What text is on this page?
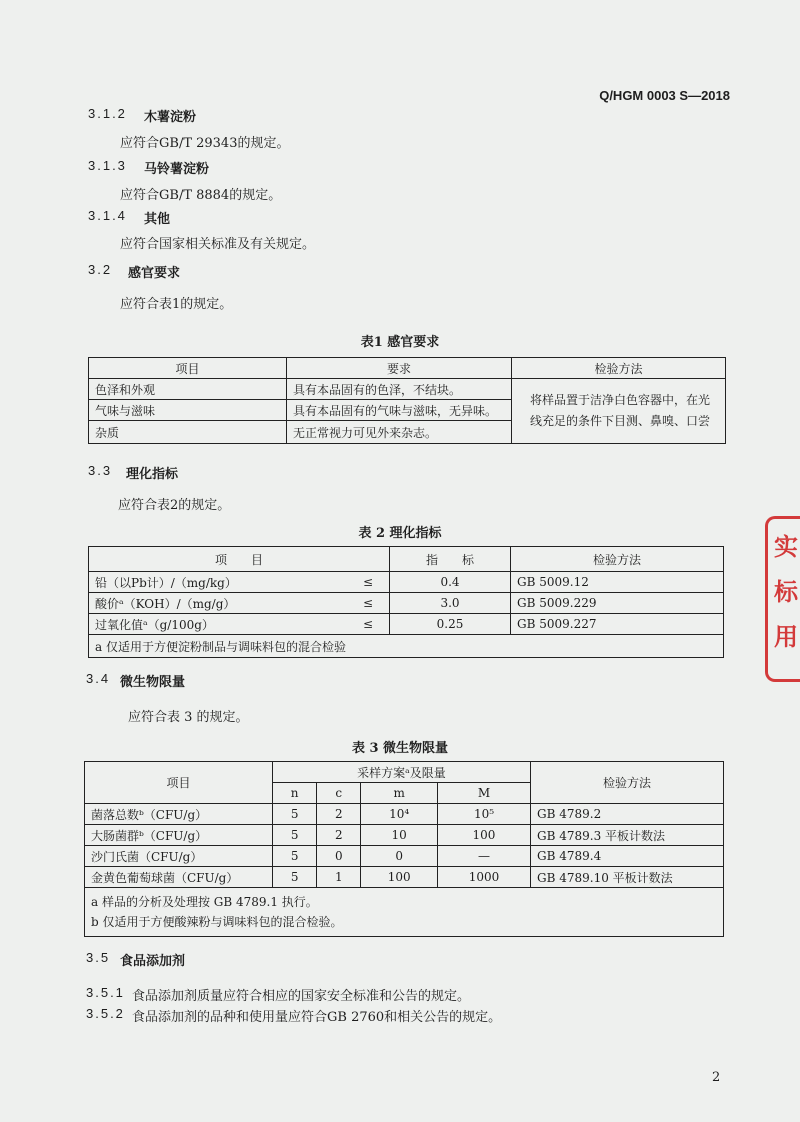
Q/HGM 0003 S—2018
3.1.2 木薯淀粉
应符合GB/T 29343的规定。
3.1.3 马铃薯淀粉
应符合GB/T 8884的规定。
3.1.4 其他
应符合国家相关标准及有关规定。
3.2 感官要求
应符合表1的规定。
表1 感官要求
项目	要求	检验方法
色泽和外观	具有本品固有的色泽，不结块。	将样品置于洁净白色容器中，在光线充足的条件下目测、鼻嗅、口尝
气味与滋味	具有本品固有的气味与滋味，无异味。	
杂质	无正常视力可见外来杂志。	
3.3 理化指标
应符合表2的规定。
表 2 理化指标
项　　目		指　　标	检验方法
铅（以Pb计）/（mg/kg）	≤	0.4	GB 5009.12
酸价ᵃ（KOH）/（mg/g）	≤	3.0	GB 5009.229
过氧化值ᵃ（g/100g）	≤	0.25	GB 5009.227
a 仅适用于方便淀粉制品与调味料包的混合检验			
3.4 微生物限量
应符合表 3 的规定。
表 3 微生物限量
项目	采样方案ᵃ及限量				检验方法
	n	c	m	M	
菌落总数ᵇ（CFU/g）	5	2	10⁴	10⁵	GB 4789.2
大肠菌群ᵇ（CFU/g）	5	2	10	100	GB 4789.3 平板计数法
沙门氏菌（CFU/g）	5	0	0	—	GB 4789.4
金黄色葡萄球菌（CFU/g）	5	1	100	1000	GB 4789.10 平板计数法

a 样品的分析及处理按 GB 4789.1 执行。
b 仅适用于方便酸辣粉与调味料包的混合检验。					
3.5 食品添加剂
3.5.1 食品添加剂质量应符合相应的国家安全标准和公告的规定。
3.5.2 食品添加剂的品种和使用量应符合GB 2760和相关公告的规定。
实
标
用
2
